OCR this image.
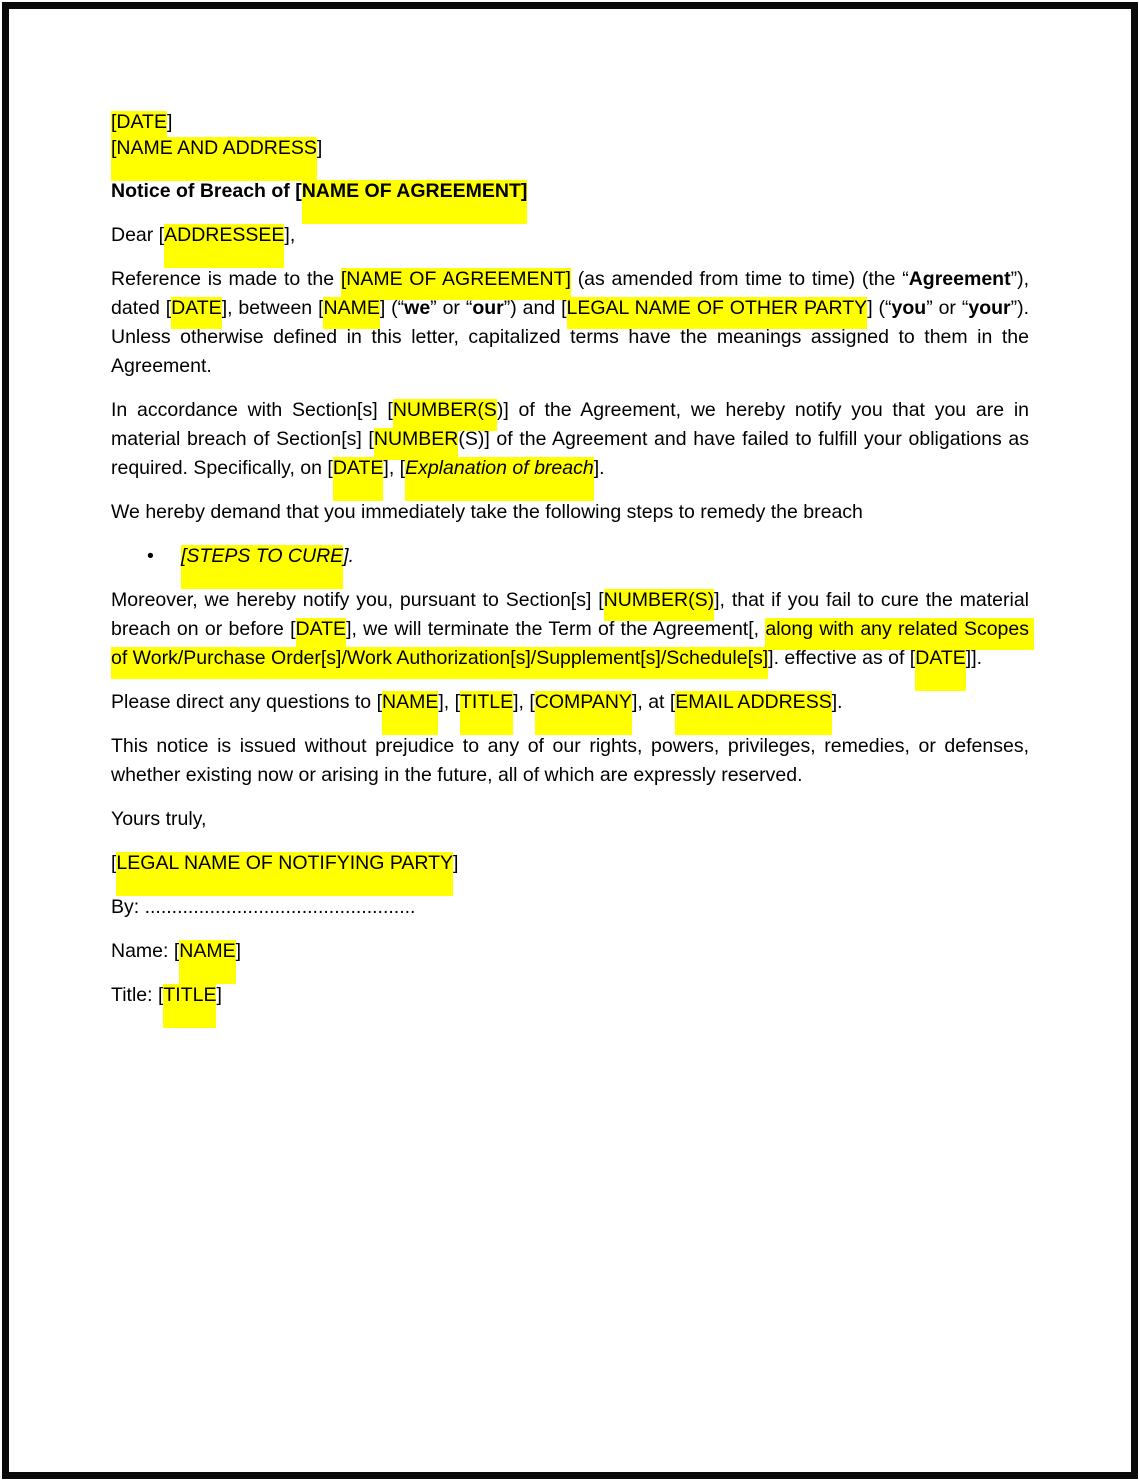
[DATE]
[NAME AND ADDRESS]

Notice of Breach of [NAME OF AGREEMENT]

Dear [ADDRESSEE],

Reference is made to the [NAME OF AGREEMENT] (as amended from time to time) (the “Agreement”), dated [DATE], between [NAME] (“we” or “our”) and [LEGAL NAME OF OTHER PARTY] (“you” or “your”). Unless otherwise defined in this letter, capitalized terms have the meanings assigned to them in the Agreement.

In accordance with Section[s] [NUMBER(S)] of the Agreement, we hereby notify you that you are in material breach of Section[s] [NUMBER(S)] of the Agreement and have failed to fulfill your obligations as required. Specifically, on [DATE], [Explanation of breach].

We hereby demand that you immediately take the following steps to remedy the breach

• [STEPS TO CURE].

Moreover, we hereby notify you, pursuant to Section[s] [NUMBER(S)], that if you fail to cure the material breach on or before [DATE], we will terminate the Term of the Agreement[, along with any related Scopes of Work/Purchase Order[s]/Work Authorization[s]/Supplement[s]/Schedule[s]]. effective as of [DATE]].

Please direct any questions to [NAME], [TITLE], [COMPANY], at [EMAIL ADDRESS].

This notice is issued without prejudice to any of our rights, powers, privileges, remedies, or defenses, whether existing now or arising in the future, all of which are expressly reserved.

Yours truly,

[LEGAL NAME OF NOTIFYING PARTY]

By: ..................................................

Name: [NAME]

Title: [TITLE]
